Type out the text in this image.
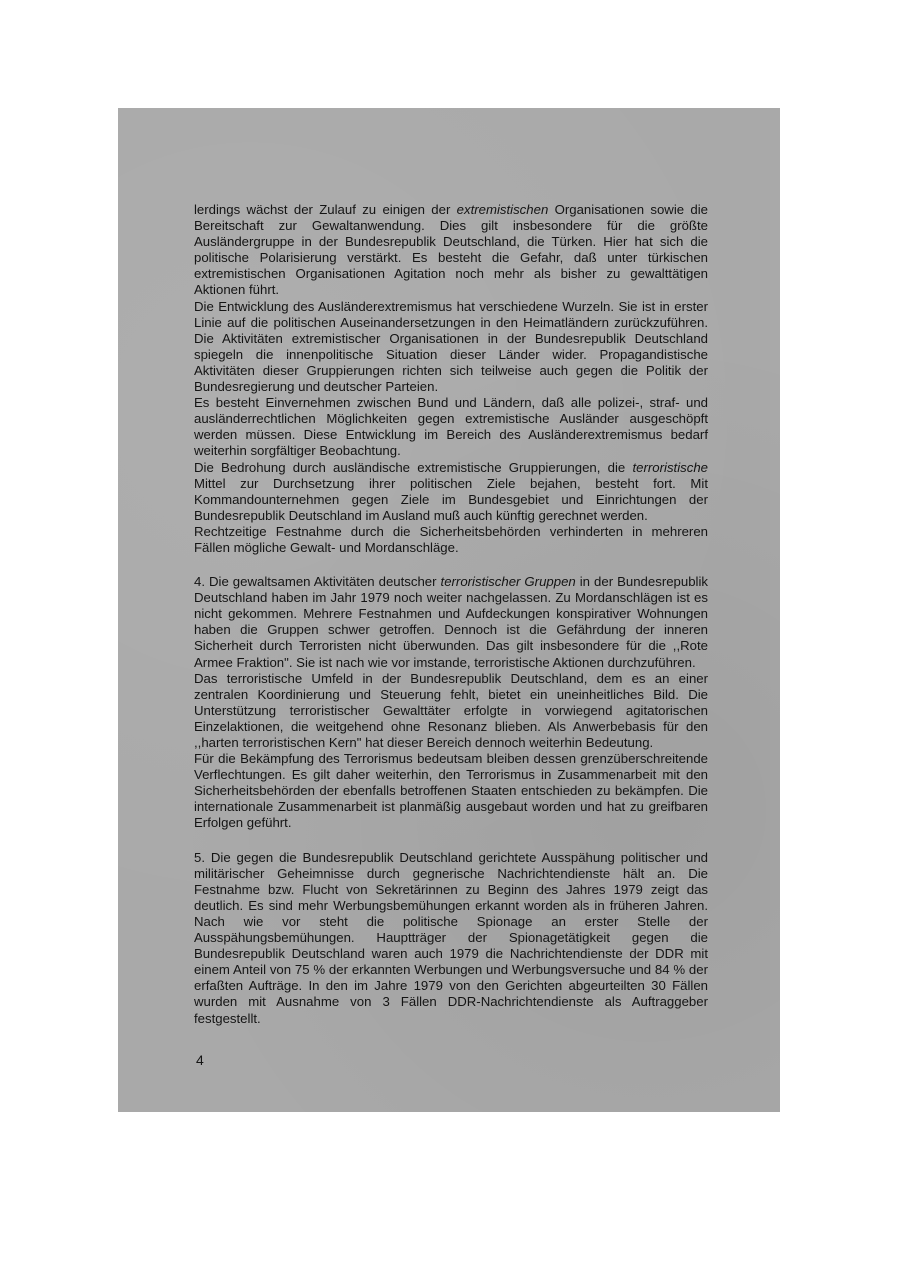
lerdings wächst der Zulauf zu einigen der extremistischen Organisationen sowie die Bereitschaft zur Gewaltanwendung. Dies gilt insbesondere für die größte Ausländergruppe in der Bundesrepublik Deutschland, die Türken. Hier hat sich die politische Polarisierung verstärkt. Es besteht die Gefahr, daß unter türkischen extremistischen Organisationen Agitation noch mehr als bisher zu gewalttätigen Aktionen führt.

Die Entwicklung des Ausländerextremismus hat verschiedene Wurzeln. Sie ist in erster Linie auf die politischen Auseinandersetzungen in den Heimatländern zurückzuführen. Die Aktivitäten extremistischer Organisationen in der Bundesrepublik Deutschland spiegeln die innenpolitische Situation dieser Länder wider. Propagandistische Aktivitäten dieser Gruppierungen richten sich teilweise auch gegen die Politik der Bundesregierung und deutscher Parteien.

Es besteht Einvernehmen zwischen Bund und Ländern, daß alle polizei-, straf- und ausländerrechtlichen Möglichkeiten gegen extremistische Ausländer ausgeschöpft werden müssen. Diese Entwicklung im Bereich des Ausländerextremismus bedarf weiterhin sorgfältiger Beobachtung.

Die Bedrohung durch ausländische extremistische Gruppierungen, die terroristische Mittel zur Durchsetzung ihrer politischen Ziele bejahen, besteht fort. Mit Kommandounternehmen gegen Ziele im Bundesgebiet und Einrichtungen der Bundesrepublik Deutschland im Ausland muß auch künftig gerechnet werden.

Rechtzeitige Festnahme durch die Sicherheitsbehörden verhinderten in mehreren Fällen mögliche Gewalt- und Mordanschläge.

4. Die gewaltsamen Aktivitäten deutscher terroristischer Gruppen in der Bundesrepublik Deutschland haben im Jahr 1979 noch weiter nachgelassen. Zu Mordanschlägen ist es nicht gekommen. Mehrere Festnahmen und Aufdeckungen konspirativer Wohnungen haben die Gruppen schwer getroffen. Dennoch ist die Gefährdung der inneren Sicherheit durch Terroristen nicht überwunden. Das gilt insbesondere für die ,,Rote Armee Fraktion". Sie ist nach wie vor imstande, terroristische Aktionen durchzuführen.

Das terroristische Umfeld in der Bundesrepublik Deutschland, dem es an einer zentralen Koordinierung und Steuerung fehlt, bietet ein uneinheitliches Bild. Die Unterstützung terroristischer Gewalttäter erfolgte in vorwiegend agitatorischen Einzelaktionen, die weitgehend ohne Resonanz blieben. Als Anwerbebasis für den ,,harten terroristischen Kern" hat dieser Bereich dennoch weiterhin Bedeutung.

Für die Bekämpfung des Terrorismus bedeutsam bleiben dessen grenzüberschreitende Verflechtungen. Es gilt daher weiterhin, den Terrorismus in Zusammenarbeit mit den Sicherheitsbehörden der ebenfalls betroffenen Staaten entschieden zu bekämpfen. Die internationale Zusammenarbeit ist planmäßig ausgebaut worden und hat zu greifbaren Erfolgen geführt.

5. Die gegen die Bundesrepublik Deutschland gerichtete Ausspähung politischer und militärischer Geheimnisse durch gegnerische Nachrichtendienste hält an. Die Festnahme bzw. Flucht von Sekretärinnen zu Beginn des Jahres 1979 zeigt das deutlich. Es sind mehr Werbungsbemühungen erkannt worden als in früheren Jahren. Nach wie vor steht die politische Spionage an erster Stelle der Ausspähungsbemühungen. Hauptträger der Spionagetätigkeit gegen die Bundesrepublik Deutschland waren auch 1979 die Nachrichtendienste der DDR mit einem Anteil von 75 % der erkannten Werbungen und Werbungsversuche und 84 % der erfaßten Aufträge. In den im Jahre 1979 von den Gerichten abgeurteilten 30 Fällen wurden mit Ausnahme von 3 Fällen DDR-Nachrichtendienste als Auftraggeber festgestellt.

4
